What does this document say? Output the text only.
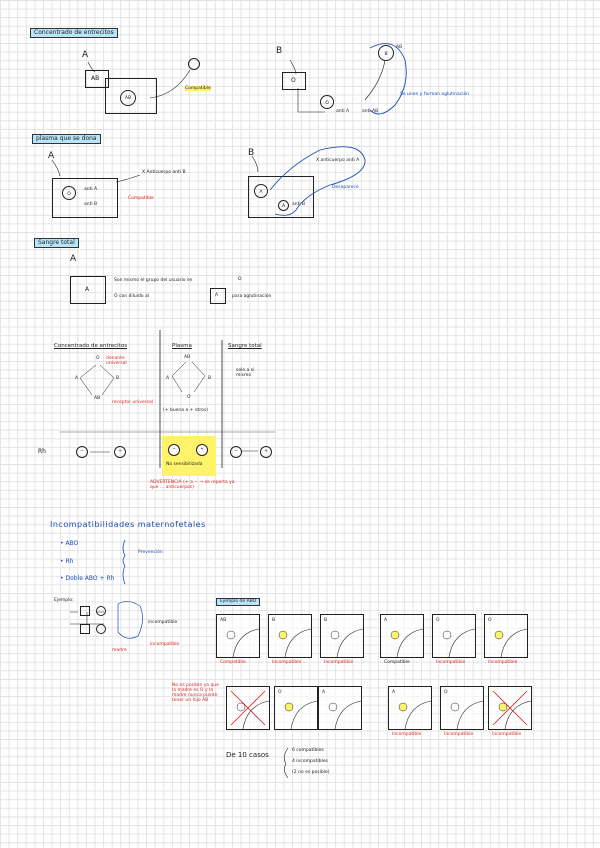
Concentrado de entrecitos
A
AB
$_{AB}$
Compatible
B
O
$_O$
anti A	anti AB
$_B$
AB
Se unen y forman aglutinación
plasma que se dona
A
$_O$
anti A
anti B
X Anticuerpo anti B
Compatible
B
$_A$
A	anti B
X anticuerpo anti A
Desaparece
Sangre total
A
A
Son mismo el grupo del usuario en	O
O con diluido al	A	para aglutinación
Concentrado de entrecitos	Plasma	Sangre total
O donante universal
A	B
AB
receptor universal
AB
A	B
O
(+ buena a + otros)
solo a si mismo
Rh	−	+	−	+
No sensibilizada
−	+
ADVERTENCIA (+ a − → se reporta ya que ... anticuerpos)
Incompatibilidades maternofetales
• ABO
• Rh
• Doble ABO + Rh
Prevención
Ejemplo:
incompatible
incompatible
madre
Ejemplo de ABO
AB
Compatible
B
Incompatible
B
Incompatible
A
Compatible
O
Incompatible
O
Incompatible
O	A	A
Incompatible
O
Incompatible	Incompatible
No es posible ya que la madre es O y la madre nunca puede tener un hijo AB
De 10 casos
6 compatibles
4 incompatibles
(2 no es posible)
